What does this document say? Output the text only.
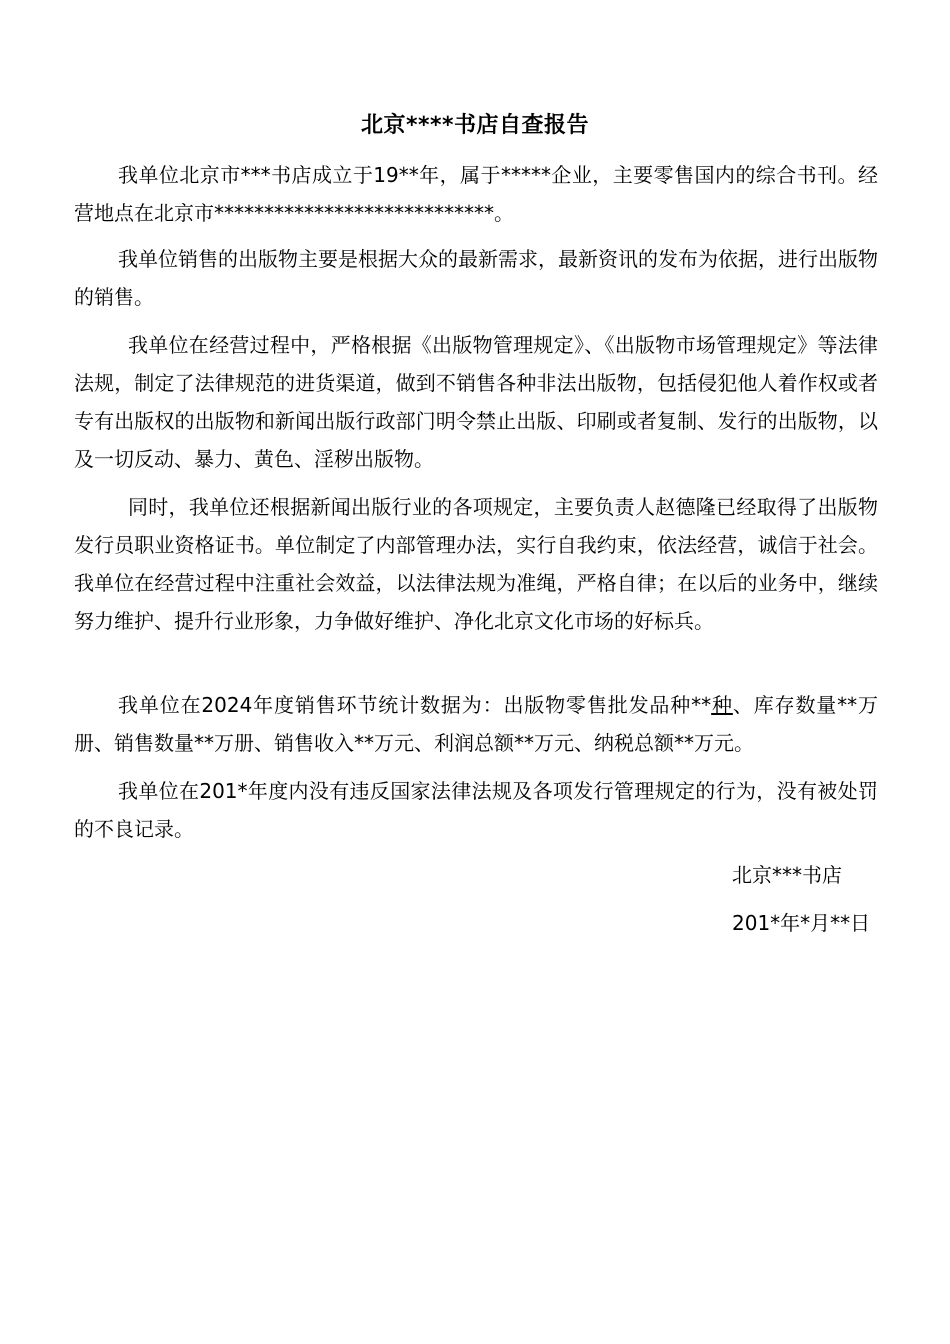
北京****书店自查报告

我单位北京市***书店成立于19**年，属于*****企业，主要零售国内的综合书刊。经营地点在北京市****************************。

我单位销售的出版物主要是根据大众的最新需求，最新资讯的发布为依据，进行出版物的销售。

我单位在经营过程中，严格根据《出版物管理规定》、《出版物市场管理规定》等法律法规，制定了法律规范的进货渠道，做到不销售各种非法出版物，包括侵犯他人着作权或者专有出版权的出版物和新闻出版行政部门明令禁止出版、印刷或者复制、发行的出版物，以及一切反动、暴力、黄色、淫秽出版物。

同时，我单位还根据新闻出版行业的各项规定，主要负责人赵德隆已经取得了出版物发行员职业资格证书。单位制定了内部管理办法，实行自我约束，依法经营，诚信于社会。我单位在经营过程中注重社会效益，以法律法规为准绳，严格自律；在以后的业务中，继续努力维护、提升行业形象，力争做好维护、净化北京文化市场的好标兵。

我单位在2024年度销售环节统计数据为：出版物零售批发品种**种、库存数量**万册、销售数量**万册、销售收入**万元、利润总额**万元、纳税总额**万元。

我单位在201*年度内没有违反国家法律法规及各项发行管理规定的行为，没有被处罚的不良记录。

北京***书店

201*年*月**日
